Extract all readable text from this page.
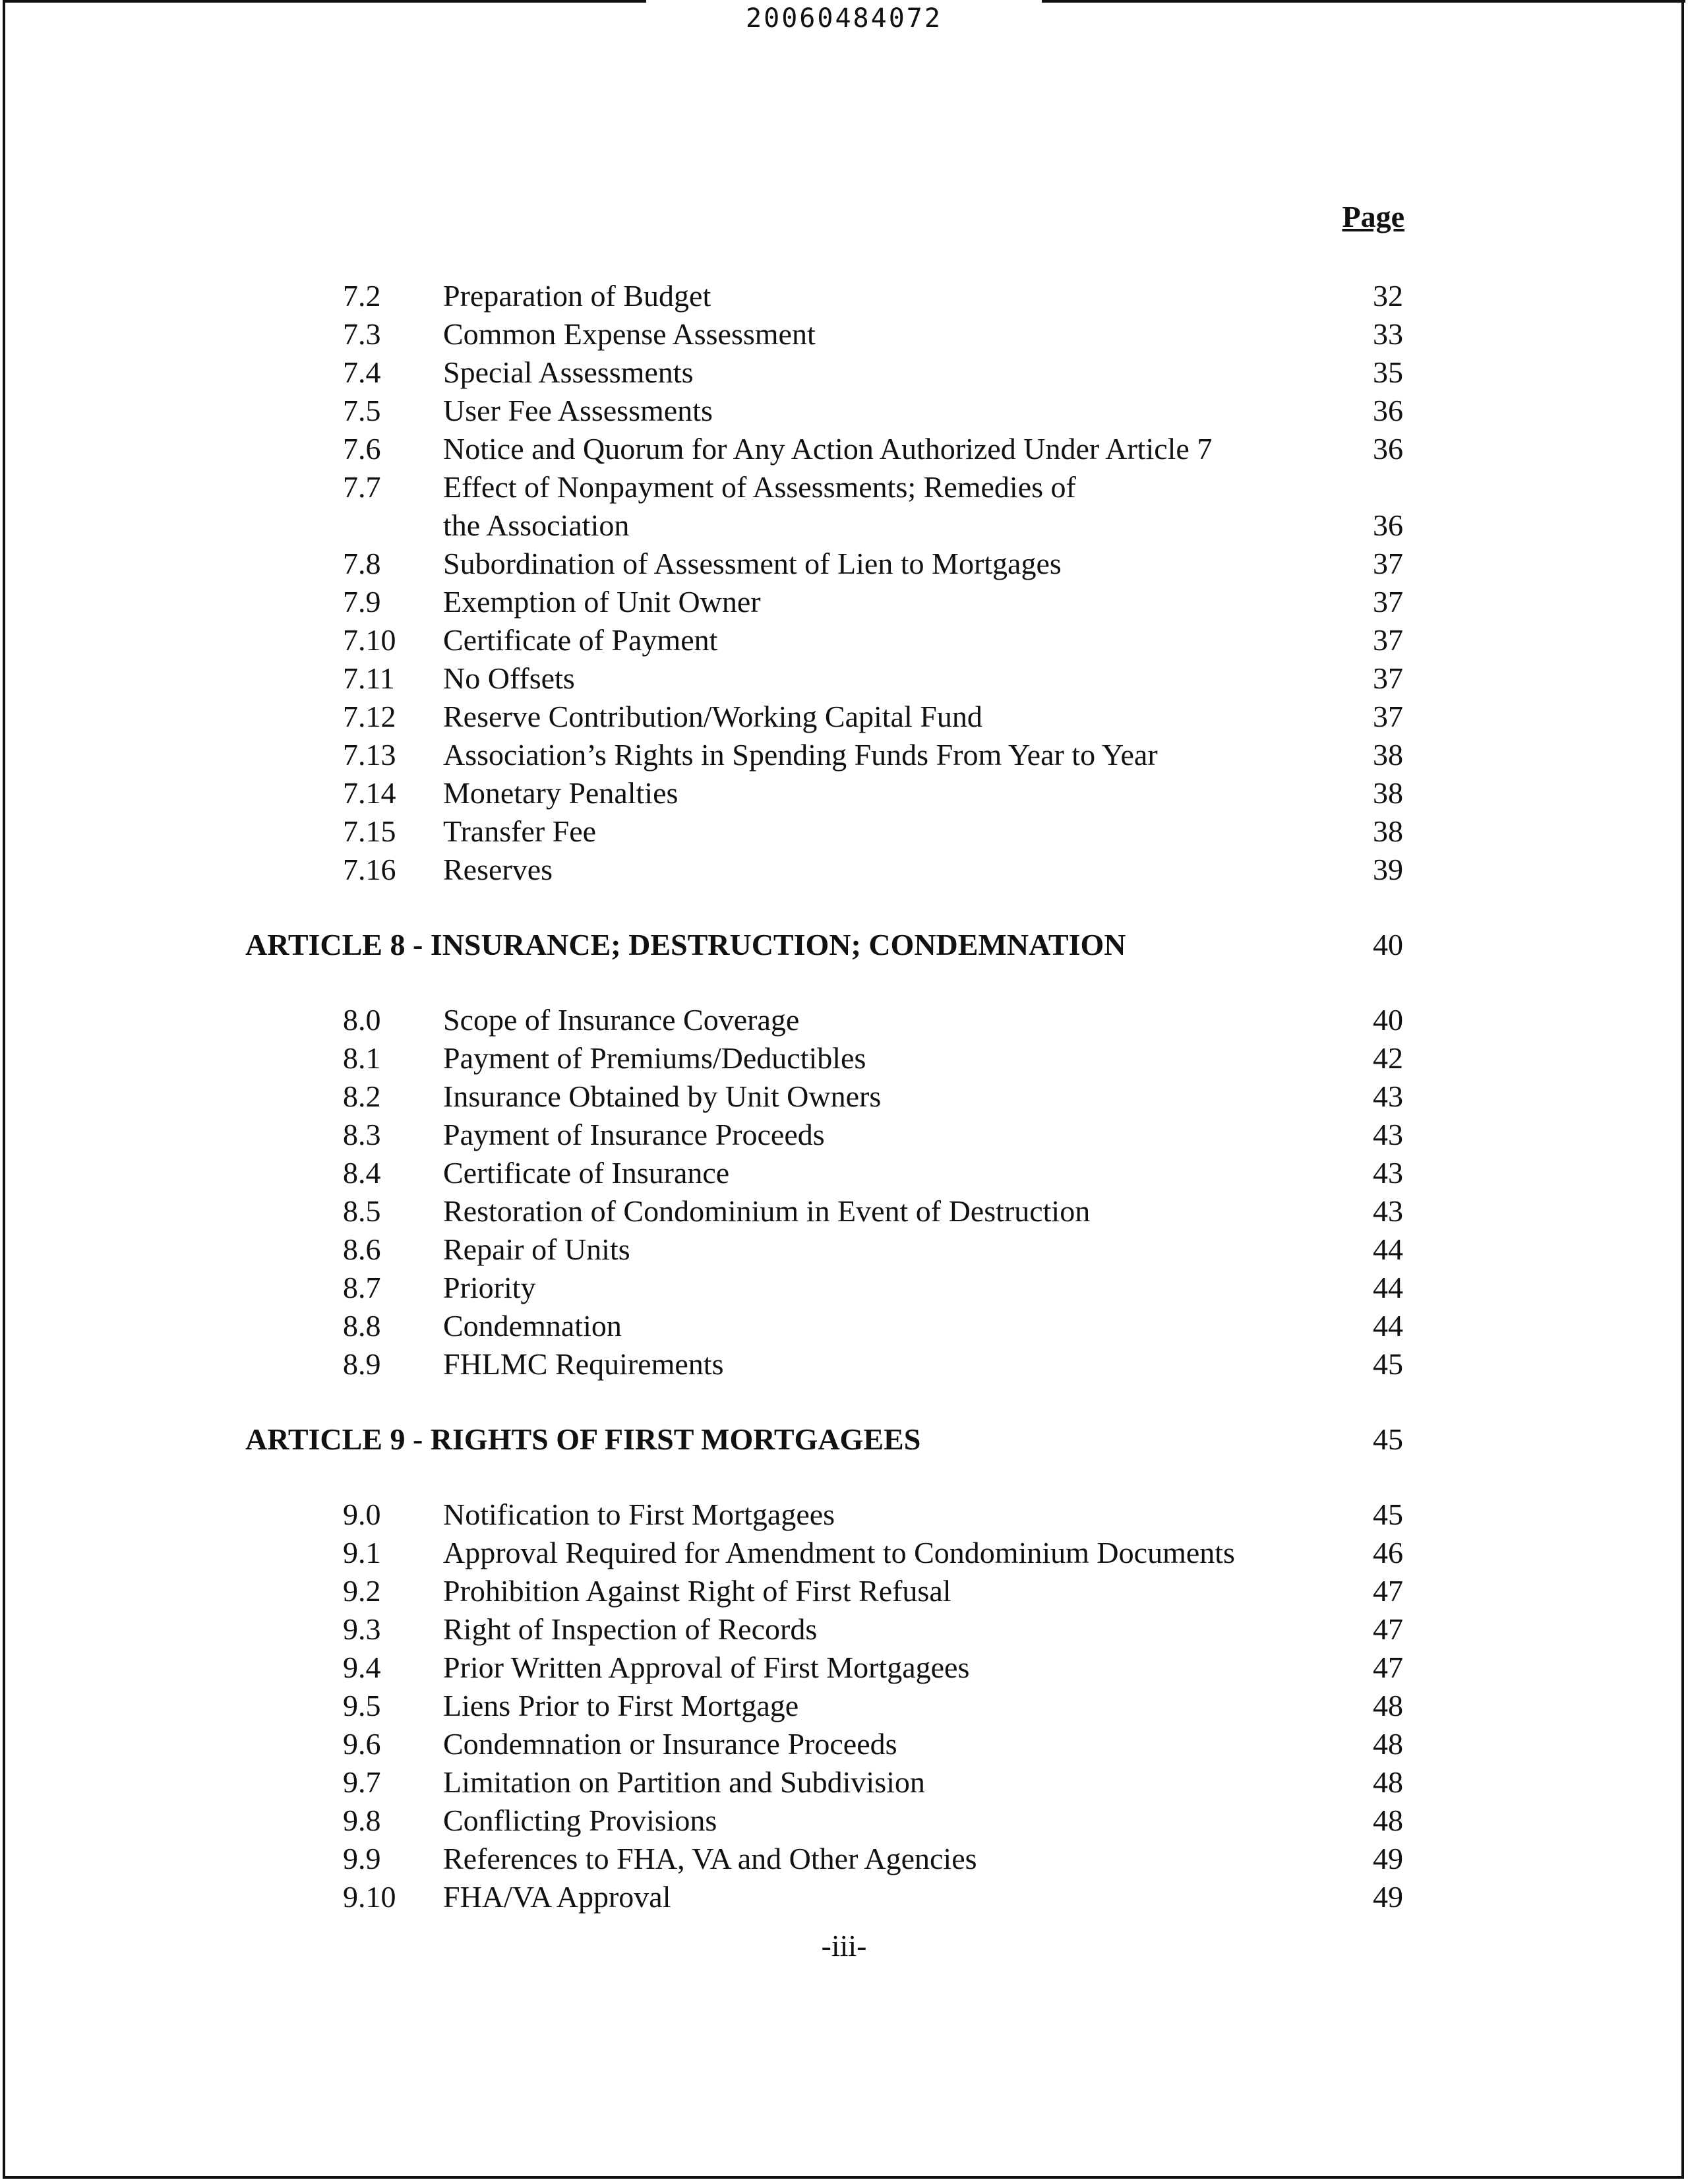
20060484072
Page
7.2 Preparation of Budget	32
7.3 Common Expense Assessment	33
7.4 Special Assessments	35
7.5 User Fee Assessments	36
7.6 Notice and Quorum for Any Action Authorized Under Article 7	36
7.7 Effect of Nonpayment of Assessments; Remedies of
the Association	36
7.8 Subordination of Assessment of Lien to Mortgages	37
7.9 Exemption of Unit Owner	37
7.10 Certificate of Payment	37
7.11 No Offsets	37
7.12 Reserve Contribution/Working Capital Fund	37
7.13 Association’s Rights in Spending Funds From Year to Year	38
7.14 Monetary Penalties	38
7.15 Transfer Fee	38
7.16 Reserves	39
ARTICLE 8 - INSURANCE; DESTRUCTION; CONDEMNATION	40
8.0 Scope of Insurance Coverage	40
8.1 Payment of Premiums/Deductibles	42
8.2 Insurance Obtained by Unit Owners	43
8.3 Payment of Insurance Proceeds	43
8.4 Certificate of Insurance	43
8.5 Restoration of Condominium in Event of Destruction	43
8.6 Repair of Units	44
8.7 Priority	44
8.8 Condemnation	44
8.9 FHLMC Requirements	45
ARTICLE 9 - RIGHTS OF FIRST MORTGAGEES	45
9.0 Notification to First Mortgagees	45
9.1 Approval Required for Amendment to Condominium Documents	46
9.2 Prohibition Against Right of First Refusal	47
9.3 Right of Inspection of Records	47
9.4 Prior Written Approval of First Mortgagees	47
9.5 Liens Prior to First Mortgage	48
9.6 Condemnation or Insurance Proceeds	48
9.7 Limitation on Partition and Subdivision	48
9.8 Conflicting Provisions	48
9.9 References to FHA, VA and Other Agencies	49
9.10 FHA/VA Approval	49
-iii-
